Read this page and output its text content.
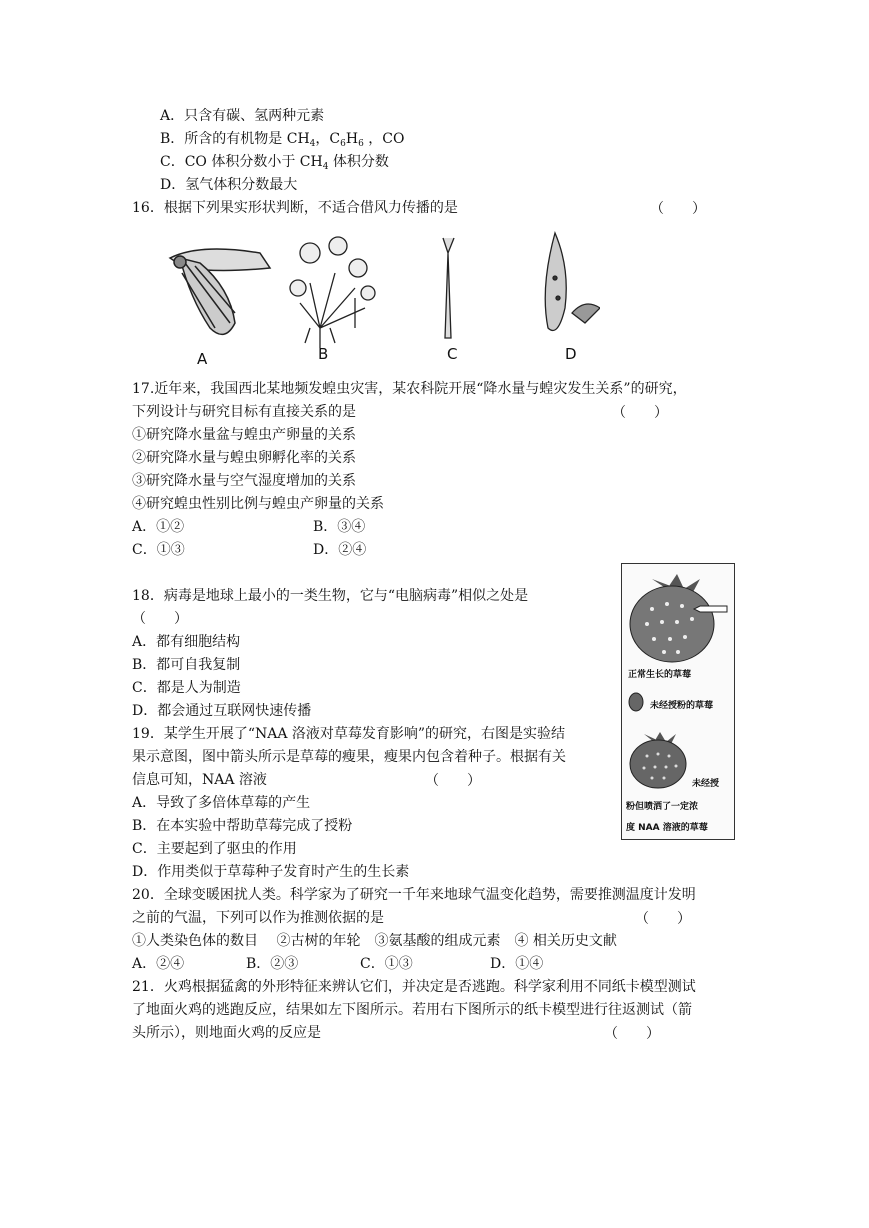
A．只含有碳、氢两种元素
B．所含的有机物是 $CH_4$，$C_6H_6$ ，CO
C．CO 体积分数小于 $CH_4$ 体积分数
D．氢气体积分数最大
16．根据下列果实形状判断，不适合借风力传播的是	（　　）
A	B	C	D
17.近年来，我国西北某地频发蝗虫灾害，某农科院开展“降水量与蝗灾发生关系”的研究，
下列设计与研究目标有直接关系的是	（　　）
①研究降水量盆与蝗虫产卵量的关系
②研究降水量与蝗虫卵孵化率的关系
③研究降水量与空气湿度增加的关系
④研究蝗虫性别比例与蝗虫产卵量的关系
A．①②	B．③④
C．①③	D．②④
18．病毒是地球上最小的一类生物，它与“电脑病毒”相似之处是
（　　）
A．都有细胞结构
B．都可自我复制
C．都是人为制造
D．都会通过互联网快速传播
19．某学生开展了“NAA 洛液对草莓发育影响”的研究，右图是实验结
果示意图，图中箭头所示是草莓的瘦果，瘦果内包含着种子。根据有关
信息可知，NAA 溶液	（　　）
A．导致了多倍体草莓的产生
B．在本实验中帮助草莓完成了授粉
C．主要起到了驱虫的作用
D．作用类似于草莓种子发育时产生的生长素
正常生长的草莓
未经授粉的草莓
未经授
粉但喷洒了一定浓
度 NAA 溶液的草莓
20．全球变暖困扰人类。科学家为了研究一千年来地球气温变化趋势，需要推测温度计发明
之前的气温，下列可以作为推测依据的是	（　　）
①人类染色体的数目　 ②古树的年轮　③氨基酸的组成元素　④ 相关历史文献
A．②④	B．②③	C．①③	D．①④
21．火鸡根据猛禽的外形特征来辨认它们，并决定是否逃跑。科学家利用不同纸卡模型测试
了地面火鸡的逃跑反应，结果如左下图所示。若用右下图所示的纸卡模型进行往返测试（箭
头所示），则地面火鸡的反应是	（　　）
